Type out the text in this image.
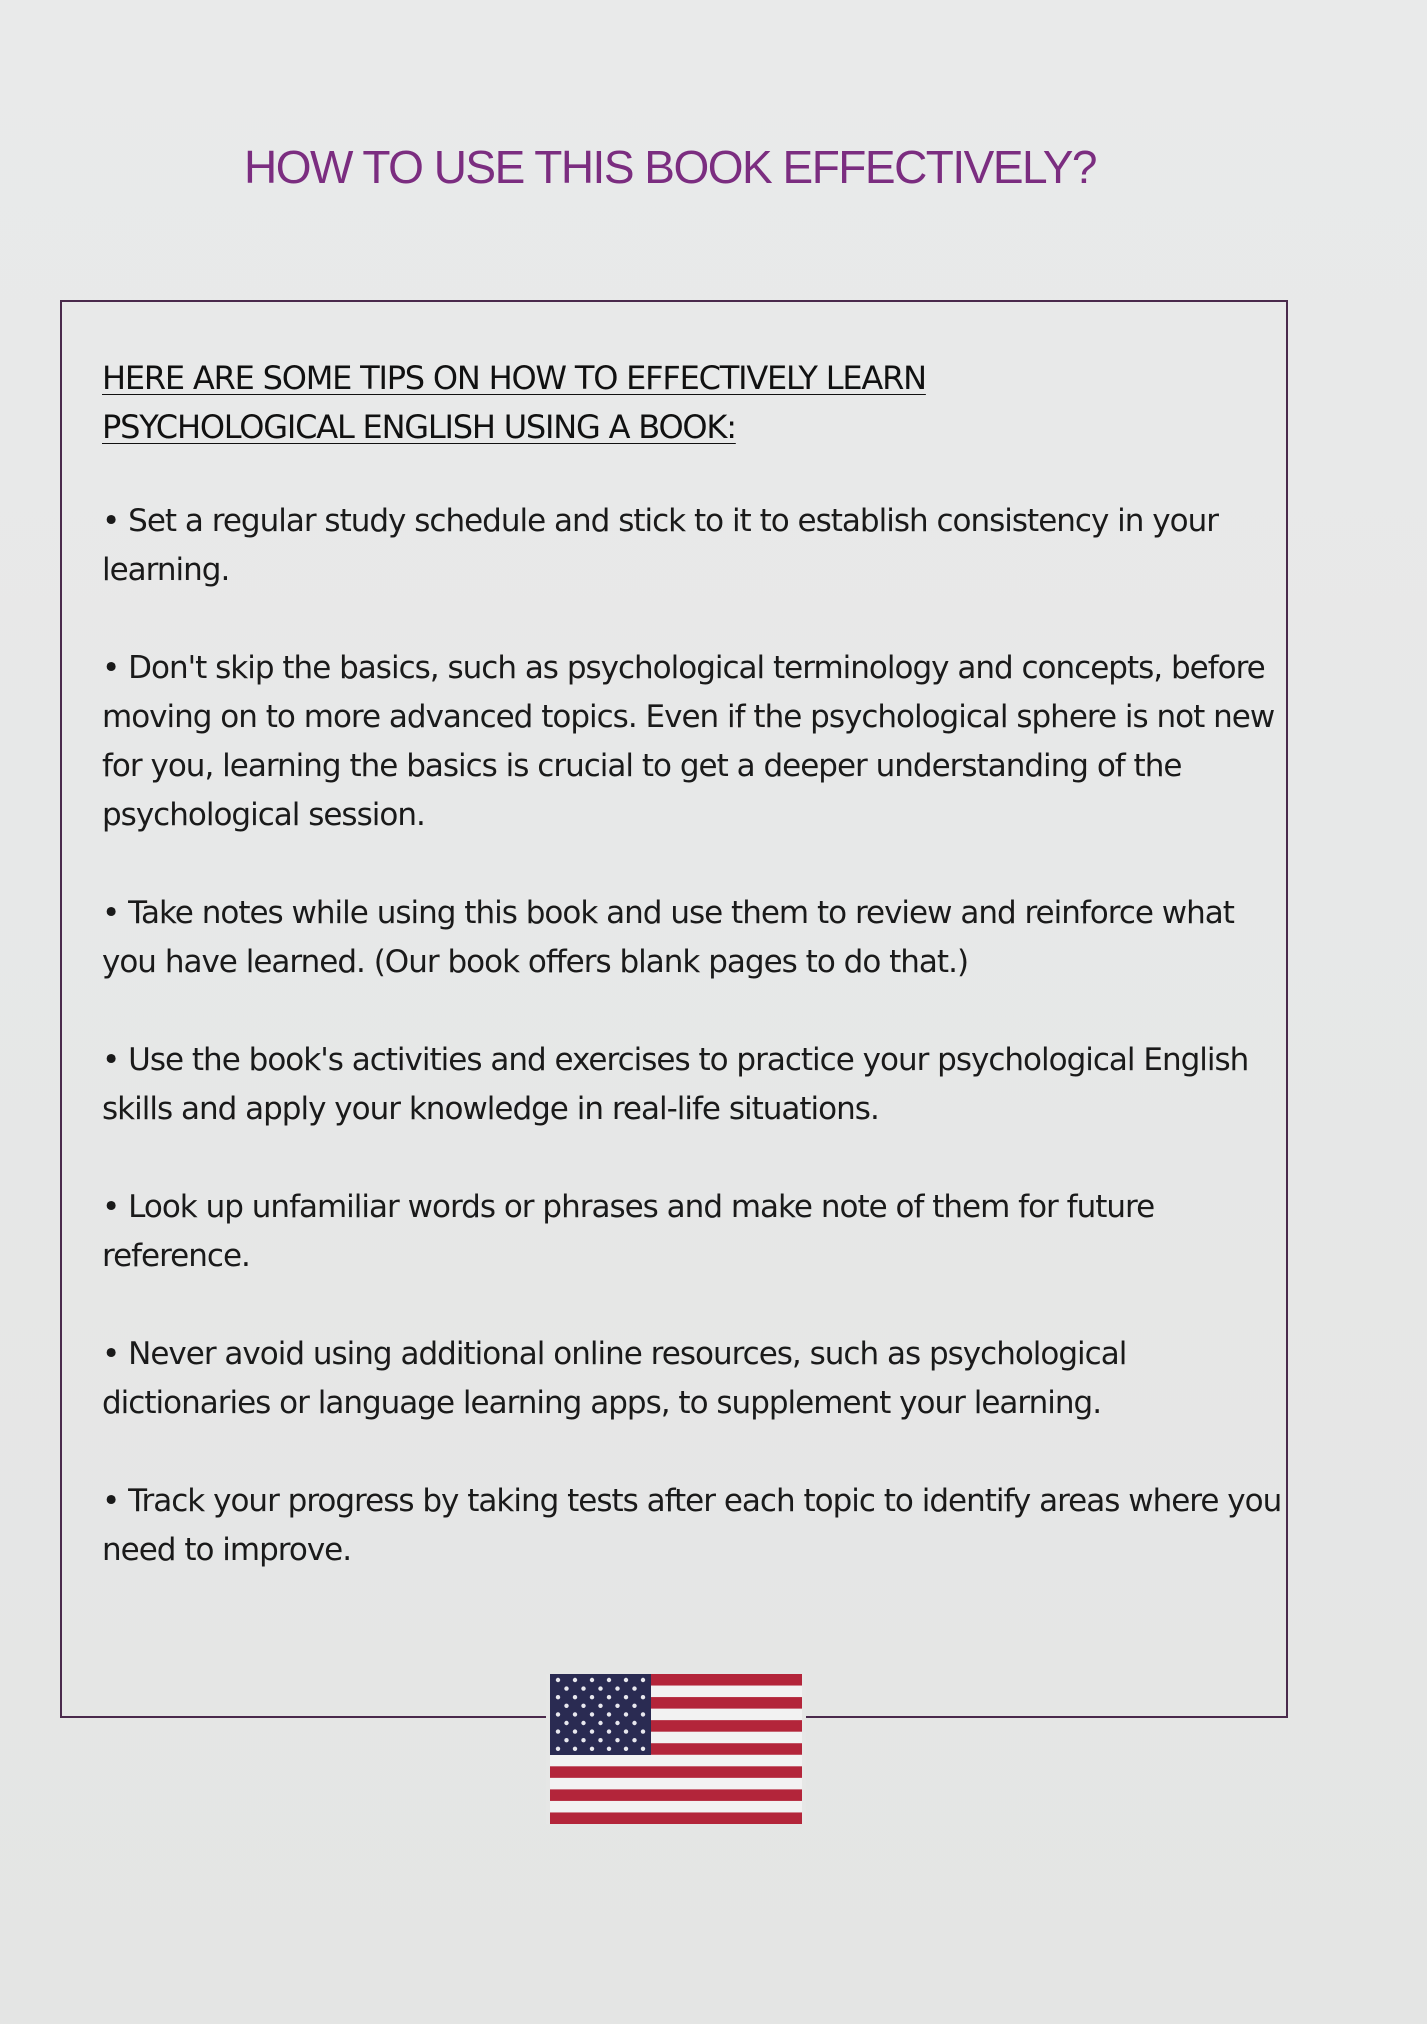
HOW TO USE THIS BOOK EFFECTIVELY?
HERE ARE SOME TIPS ON HOW TO EFFECTIVELY LEARN
PSYCHOLOGICAL ENGLISH USING A BOOK:
• Set a regular study schedule and stick to it to establish consistency in your learning.
• Don't skip the basics, such as psychological terminology and concepts, before moving on to more advanced topics. Even if the psychological sphere is not new for you, learning the basics is crucial to get a deeper understanding of the psychological session.
• Take notes while using this book and use them to review and reinforce what you have learned. (Our book offers blank pages to do that.)
• Use the book's activities and exercises to practice your psychological English skills and apply your knowledge in real-life situations.
• Look up unfamiliar words or phrases and make note of them for future reference.
• Never avoid using additional online resources, such as psychological dictionaries or language learning apps, to supplement your learning.
• Track your progress by taking tests after each topic to identify areas where you need to improve.
